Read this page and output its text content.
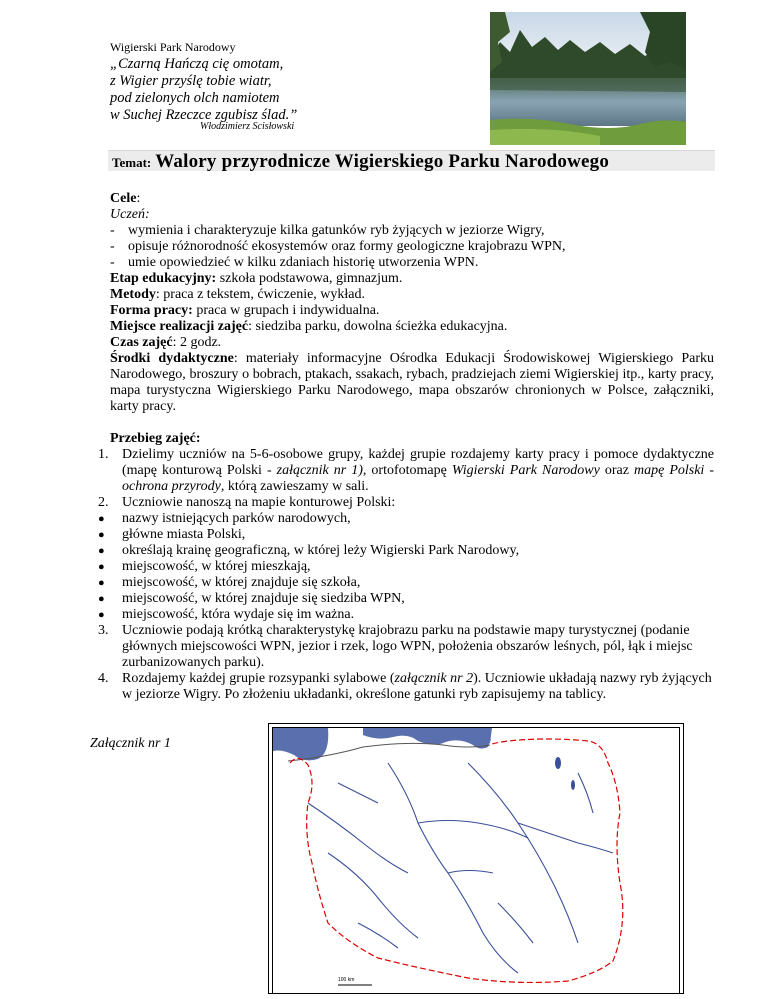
Wigierski Park Narodowy
„Czarną Hańczą cię omotam,
z Wigier przyślę tobie wiatr,
pod zielonych olch namiotem
w Suchej Rzeczce zgubisz ślad.”
Włodzimierz Scisłowski
Temat: Walory przyrodnicze Wigierskiego Parku Narodowego

Cele:

Uczeń:

- wymienia i charakteryzuje kilka gatunków ryb żyjących w jeziorze Wigry,
- opisuje różnorodność ekosystemów oraz formy geologiczne krajobrazu WPN,
- umie opowiedzieć w kilku zdaniach historię utworzenia WPN.

Etap edukacyjny: szkoła podstawowa, gimnazjum.

Metody: praca z tekstem, ćwiczenie, wykład.

Forma pracy: praca w grupach i indywidualna.

Miejsce realizacji zajęć: siedziba parku, dowolna ścieżka edukacyjna.

Czas zajęć: 2 godz.

Środki dydaktyczne: materiały informacyjne Ośrodka Edukacji Środowiskowej Wigierskiego Parku Narodowego, broszury o bobrach, ptakach, ssakach, rybach, pradziejach ziemi Wigierskiej itp., karty pracy, mapa turystyczna Wigierskiego Parku Narodowego, mapa obszarów chronionych w Polsce, załączniki, karty pracy.

Przebieg zajęć:

1. Dzielimy uczniów na 5-6-osobowe grupy, każdej grupie rozdajemy karty pracy i pomoce dydaktyczne (mapę konturową Polski - załącznik nr 1), ortofotomapę Wigierski Park Narodowy oraz mapę Polski - ochrona przyrody, którą zawieszamy w sali.
2. Uczniowie nanoszą na mapie konturowej Polski:
●	nazwy istniejących parków narodowych,
●	główne miasta Polski,
●	określają krainę geograficzną, w której leży Wigierski Park Narodowy,
●	miejscowość, w której mieszkają,
●	miejscowość, w której znajduje się szkoła,
●	miejscowość, w której znajduje się siedziba WPN,
●	miejscowość, która wydaje się im ważna.
3. Uczniowie podają krótką charakterystykę krajobrazu parku na podstawie mapy turystycznej (podanie głównych miejscowości WPN, jezior i rzek, logo WPN, położenia obszarów leśnych, pól, łąk i miejsc zurbanizowanych parku).
4. Rozdajemy każdej grupie rozsypanki sylabowe (załącznik nr 2). Uczniowie układają nazwy ryb żyjących w jeziorze Wigry. Po złożeniu układanki, określone gatunki ryb zapisujemy na tablicy.
Załącznik nr 1
100 km
